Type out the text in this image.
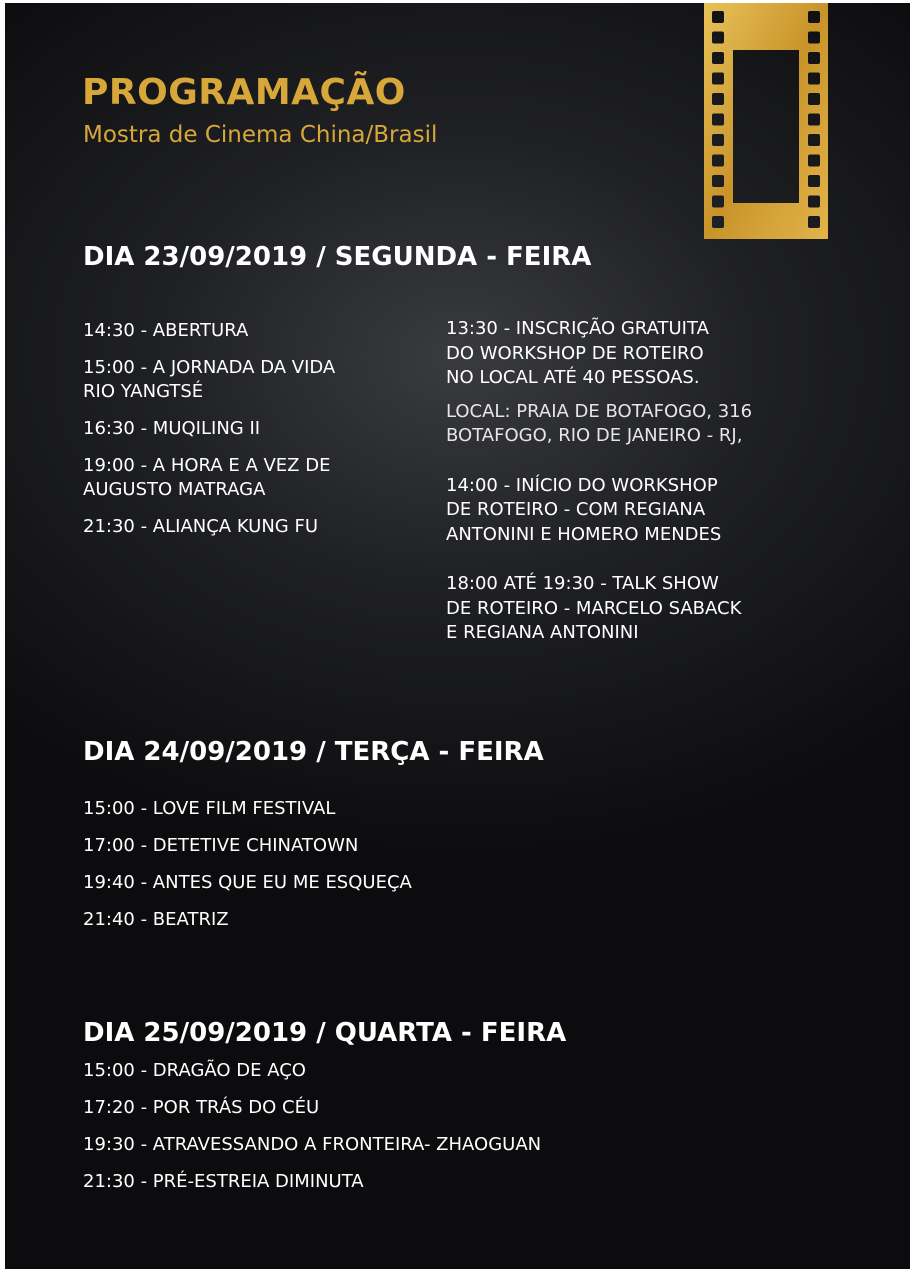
PROGRAMAÇÃO
Mostra de Cinema China/Brasil
DIA 23/09/2019 / SEGUNDA - FEIRA
14:30 - ABERTURA
15:00 - A JORNADA DA VIDA
RIO YANGTSÉ
16:30 - MUQILING II
19:00 - A HORA E A VEZ DE
AUGUSTO MATRAGA
21:30 - ALIANÇA KUNG FU

13:30 - INSCRIÇÃO GRATUITA
DO WORKSHOP DE ROTEIRO
NO LOCAL ATÉ 40 PESSOAS.

LOCAL: PRAIA DE BOTAFOGO, 316
BOTAFOGO, RIO DE JANEIRO - RJ,

14:00 - INÍCIO DO WORKSHOP
DE ROTEIRO - COM REGIANA
ANTONINI E HOMERO MENDES

18:00 ATÉ 19:30 - TALK SHOW
DE ROTEIRO - MARCELO SABACK
E REGIANA ANTONINI

DIA 24/09/2019 / TERÇA - FEIRA
15:00 - LOVE FILM FESTIVAL
17:00 - DETETIVE CHINATOWN
19:40 - ANTES QUE EU ME ESQUEÇA
21:40 - BEATRIZ
DIA 25/09/2019 / QUARTA - FEIRA
15:00 - DRAGÃO DE AÇO
17:20 - POR TRÁS DO CÉU
19:30 - ATRAVESSANDO A FRONTEIRA- ZHAOGUAN
21:30 - PRÉ-ESTREIA DIMINUTA
